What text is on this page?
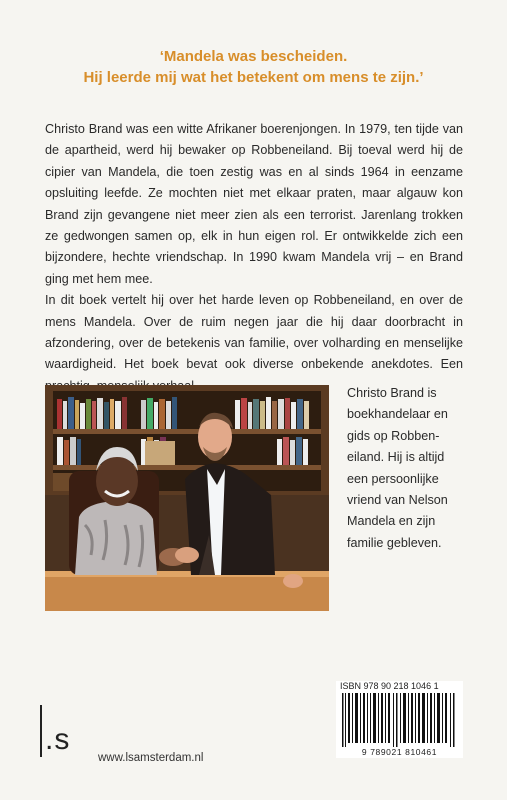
‘Mandela was bescheiden.
Hij leerde mij wat het betekent om mens te zijn.’

Christo Brand was een witte Afrikaner boerenjongen. In 1979, ten tijde van de apartheid, werd hij bewaker op Robbeneiland. Bij toeval werd hij de cipier van Mandela, die toen zestig was en al sinds 1964 in eenzame opsluiting leefde. Ze mochten niet met elkaar praten, maar algauw kon Brand zijn gevangene niet meer zien als een terrorist. Jarenlang trokken ze gedwongen samen op, elk in hun eigen rol. Er ontwikkelde zich een bijzondere, hechte vriendschap. In 1990 kwam Mandela vrij – en Brand ging met hem mee.

In dit boek vertelt hij over het harde leven op Robbeneiland, en over de mens Mandela. Over de ruim negen jaar die hij daar doorbracht in afzondering, over de betekenis van familie, over volharding en menselijke waardigheid. Het boek bevat ook diverse onbekende anekdotes. Een

Christo Brand is
boekhandelaar en
gids op Robben-
eiland. Hij is altijd
een persoonlijke
vriend van Nelson
Mandela en zijn
familie gebleven.
.s
www.lsamsterdam.nl
ISBN 978 90 218 1046 1
9 789021 810461
